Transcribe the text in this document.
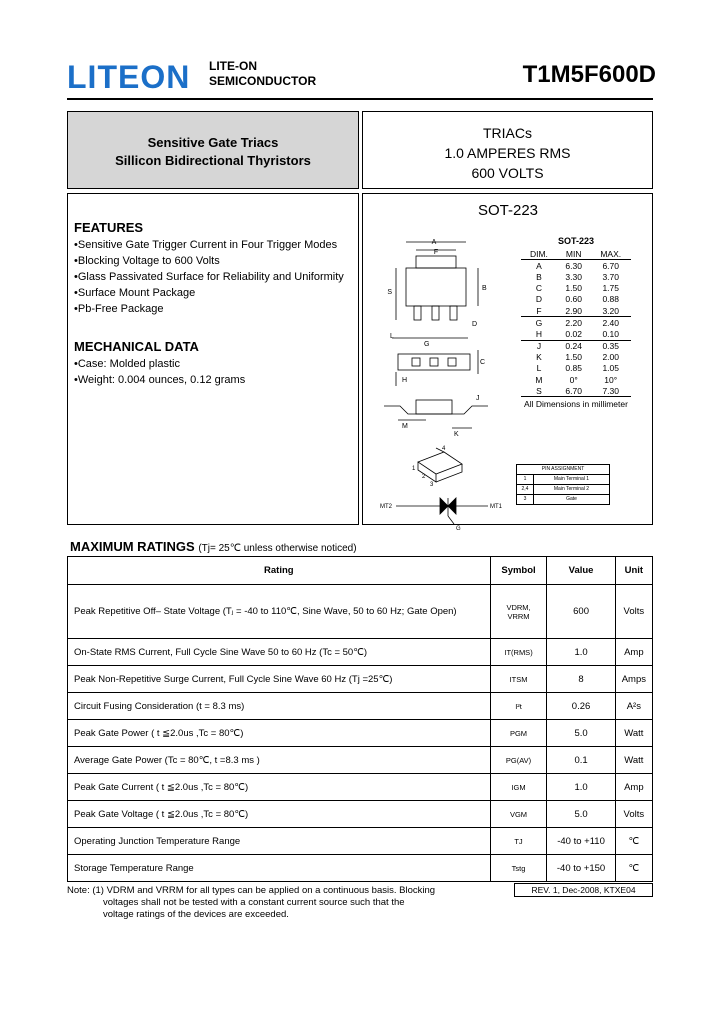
LITEON LITE-ON
SEMICONDUCTOR	T1M5F600D
Sensitive Gate Triacs
Sillicon Bidirectional Thyristors
TRIACs
1.0 AMPERES RMS
600 VOLTS
FEATURES
• Sensitive Gate Trigger Current in Four Trigger Modes
• Blocking Voltage to 600 Volts
• Glass Passivated Surface for Reliability and Uniformity
• Surface Mount Package
• Pb-Free Package
MECHANICAL DATA
• Case: Molded plastic
• Weight: 0.004 ounces, 0.12 grams
SOT-223
A
F
S
B
D
L
G
C
H
J
M
K
4
1
2
3
MT2	MT1
G
SOT-223
DIM.	MIN	MAX.
A	6.30	6.70
B	3.30	3.70
C	1.50	1.75
D	0.60	0.88
F	2.90	3.20
G	2.20	2.40
H	0.02	0.10
J	0.24	0.35
K	1.50	2.00
L	0.85	1.05
M	0°	10°
S	6.70	7.30
All Dimensions in millimeter
PIN ASSIGNMENT
1	Main Terminal 1
2,4	Main Terminal 2
3	Gate
MAXIMUM RATINGS (Tj= 25℃ unless otherwise noticed)
Rating	Symbol	Value	Unit
Peak Repetitive Off– State Voltage (Tⱼ = -40 to 110℃, Sine Wave, 50 to 60 Hz; Gate Open)	VDRM,
VRRM	600	Volts
On-State RMS Current, Full Cycle Sine Wave 50 to 60 Hz (Tc = 50℃)	IT(RMS)	1.0	Amp
Peak Non-Repetitive Surge Current, Full Cycle Sine Wave 60 Hz (Tj =25℃)	ITSM	8	Amps
Circuit Fusing Consideration (t = 8.3 ms)	I²t	0.26	A²s
Peak Gate Power ( t ≦2.0us ,Tc = 80℃)	PGM	5.0	Watt
Average Gate Power (Tc = 80℃, t =8.3 ms )	PG(AV)	0.1	Watt
Peak Gate Current ( t ≦2.0us ,Tc = 80℃)	IGM	1.0	Amp
Peak Gate Voltage ( t ≦2.0us ,Tc = 80℃)	VGM	5.0	Volts
Operating Junction Temperature Range	TJ	-40 to +110	℃
Storage Temperature Range	Tstg	-40 to +150	℃
Note: (1) VDRM and VRRM for all types can be applied on a continuous basis. Blocking
voltages shall not be tested with a constant current source such that the
voltage ratings of the devices are exceeded.
REV. 1, Dec-2008, KTXE04
